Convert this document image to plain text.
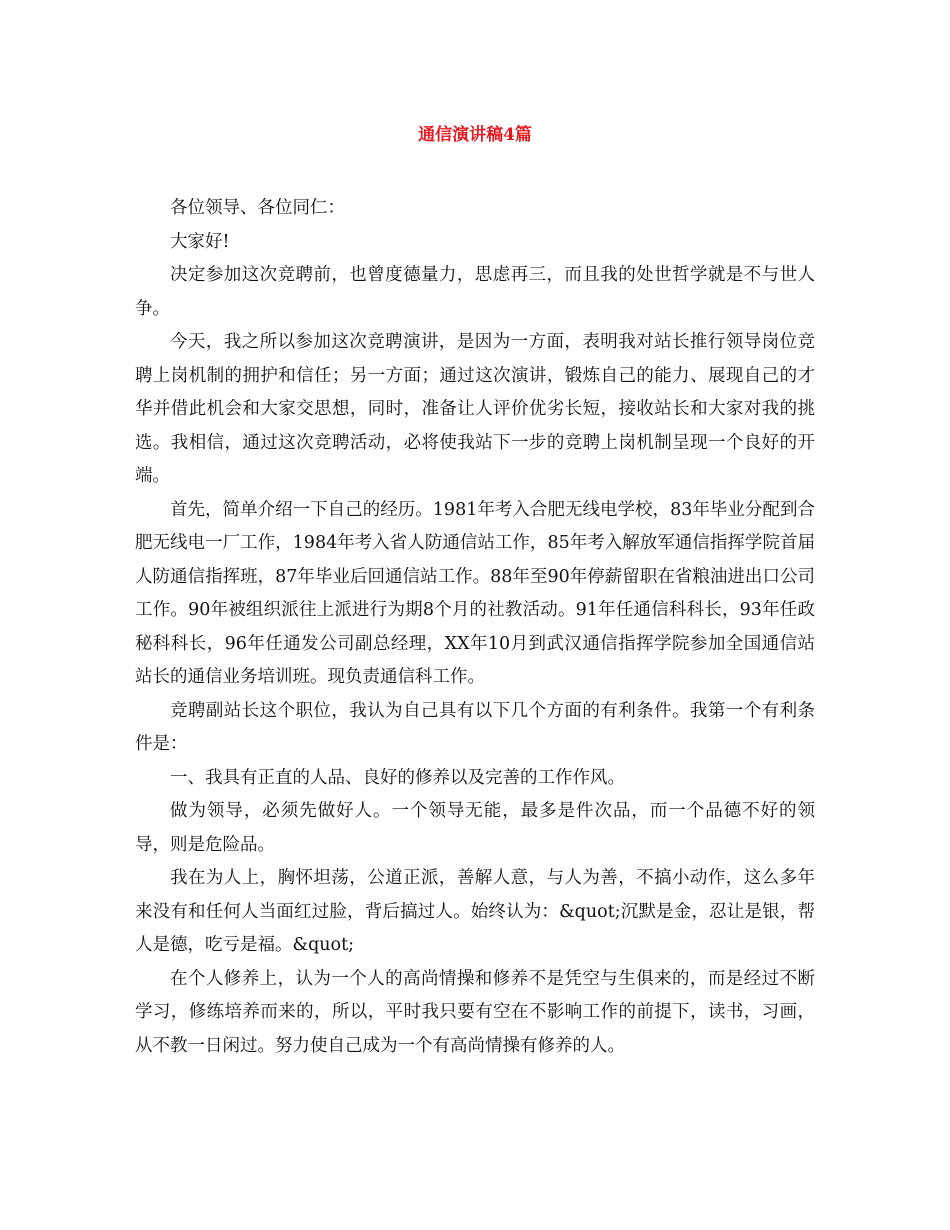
通信演讲稿4篇

各位领导、各位同仁：

大家好!

决定参加这次竞聘前，也曾度德量力，思虑再三，而且我的处世哲学就是不与世人争。

今天，我之所以参加这次竞聘演讲，是因为一方面，表明我对站长推行领导岗位竞聘上岗机制的拥护和信任；另一方面；通过这次演讲，锻炼自己的能力、展现自己的才华并借此机会和大家交思想，同时，准备让人评价优劣长短，接收站长和大家对我的挑选。我相信，通过这次竞聘活动，必将使我站下一步的竞聘上岗机制呈现一个良好的开端。

首先，简单介绍一下自己的经历。1981年考入合肥无线电学校，83年毕业分配到合肥无线电一厂工作，1984年考入省人防通信站工作，85年考入解放军通信指挥学院首届人防通信指挥班，87年毕业后回通信站工作。88年至90年停薪留职在省粮油进出口公司工作。90年被组织派往上派进行为期8个月的社教活动。91年任通信科科长，93年任政秘科科长，96年任通发公司副总经理，XX年10月到武汉通信指挥学院参加全国通信站站长的通信业务培训班。现负责通信科工作。

竞聘副站长这个职位，我认为自己具有以下几个方面的有利条件。我第一个有利条件是：

一、我具有正直的人品、良好的修养以及完善的工作作风。

做为领导，必须先做好人。一个领导无能，最多是件次品，而一个品德不好的领导，则是危险品。

我在为人上，胸怀坦荡，公道正派，善解人意，与人为善，不搞小动作，这么多年来没有和任何人当面红过脸，背后搞过人。始终认为：&quot;沉默是金，忍让是银，帮人是德，吃亏是福。&quot;

在个人修养上，认为一个人的高尚情操和修养不是凭空与生俱来的，而是经过不断学习，修练培养而来的，所以，平时我只要有空在不影响工作的前提下，读书，习画，从不教一日闲过。努力使自己成为一个有高尚情操有修养的人。
